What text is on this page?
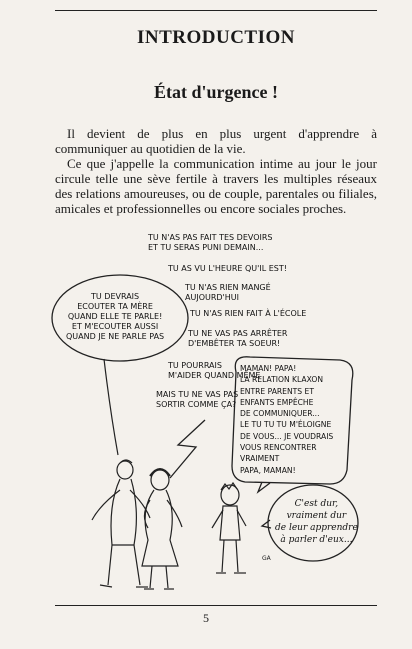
INTRODUCTION
État d'urgence !

Il devient de plus en plus urgent d'apprendre à communiquer au quotidien de la vie.

Ce que j'appelle la communication intime au jour le jour circule telle une sève fertile à travers les multiples réseaux des relations amoureuses, ou de couple, parentales ou filiales, amicales et professionnelles ou encore sociales proches.

GA
TU N'AS PAS FAIT TES DEVOIRS
ET TU SERAS PUNI DEMAIN...
TU AS VU L'HEURE QU'IL EST!
TU N'AS RIEN MANGÉ
AUJOURD'HUI
TU N'AS RIEN FAIT À L'ÉCOLE
TU NE VAS PAS ARRÊTER
D'EMBÊTER TA SOEUR!
TU POURRAIS
M'AIDER QUAND MÊME
MAIS TU NE VAS PAS
SORTIR COMME ÇA?
TU DEVRAIS
ECOUTER TA MÈRE
QUAND ELLE TE PARLE!
ET M'ECOUTER AUSSI
QUAND JE NE PARLE PAS
MAMAN! PAPA!
LA RELATION KLAXON
ENTRE PARENTS ET
ENFANTS EMPÊCHE
DE COMMUNIQUER...
LE TU TU TU M'ÉLOIGNE
DE VOUS... JE VOUDRAIS
VOUS RENCONTRER
VRAIMENT
PAPA, MAMAN!
C'est dur,
vraiment dur
de leur apprendre
à parler d'eux...
5
